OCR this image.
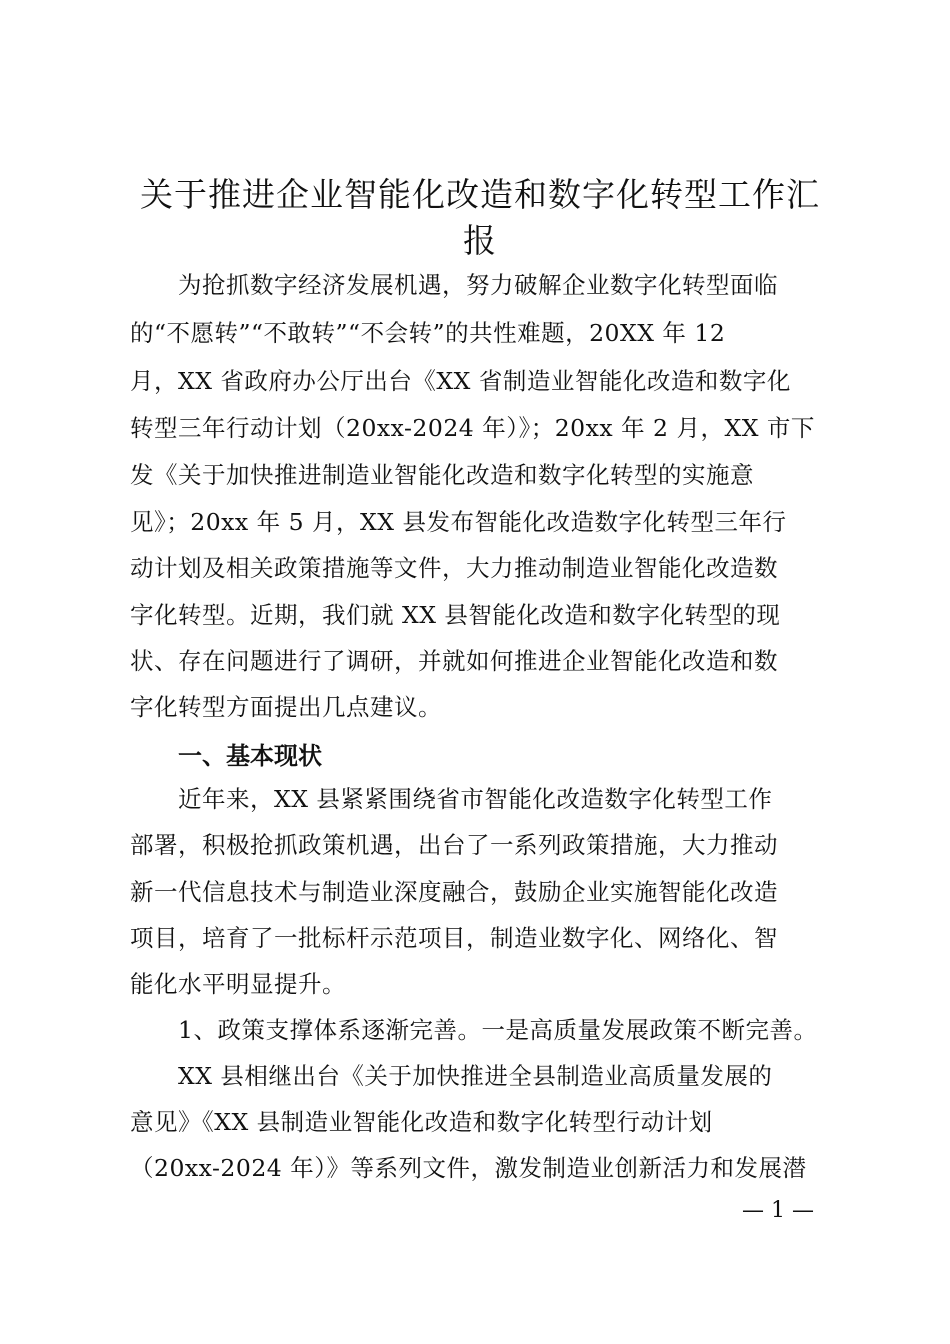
关于推进企业智能化改造和数字化转型工作汇
报
为抢抓数字经济发展机遇，努力破解企业数字化转型面临
的“不愿转”“不敢转”“不会转”的共性难题，20XX 年 12
月，XX 省政府办公厅出台《XX 省制造业智能化改造和数字化
转型三年行动计划（20xx-2024 年）》；20xx 年 2 月，XX 市下
发《关于加快推进制造业智能化改造和数字化转型的实施意
见》；20xx 年 5 月，XX 县发布智能化改造数字化转型三年行
动计划及相关政策措施等文件，大力推动制造业智能化改造数
字化转型。近期，我们就 XX 县智能化改造和数字化转型的现
状、存在问题进行了调研，并就如何推进企业智能化改造和数
字化转型方面提出几点建议。
一、基本现状
近年来，XX 县紧紧围绕省市智能化改造数字化转型工作
部署，积极抢抓政策机遇，出台了一系列政策措施，大力推动
新一代信息技术与制造业深度融合，鼓励企业实施智能化改造
项目，培育了一批标杆示范项目，制造业数字化、网络化、智
能化水平明显提升。
1、政策支撑体系逐渐完善。一是高质量发展政策不断完善。
XX 县相继出台《关于加快推进全县制造业高质量发展的
意见》《XX 县制造业智能化改造和数字化转型行动计划
（20xx-2024 年）》等系列文件，激发制造业创新活力和发展潜
— 1 —
